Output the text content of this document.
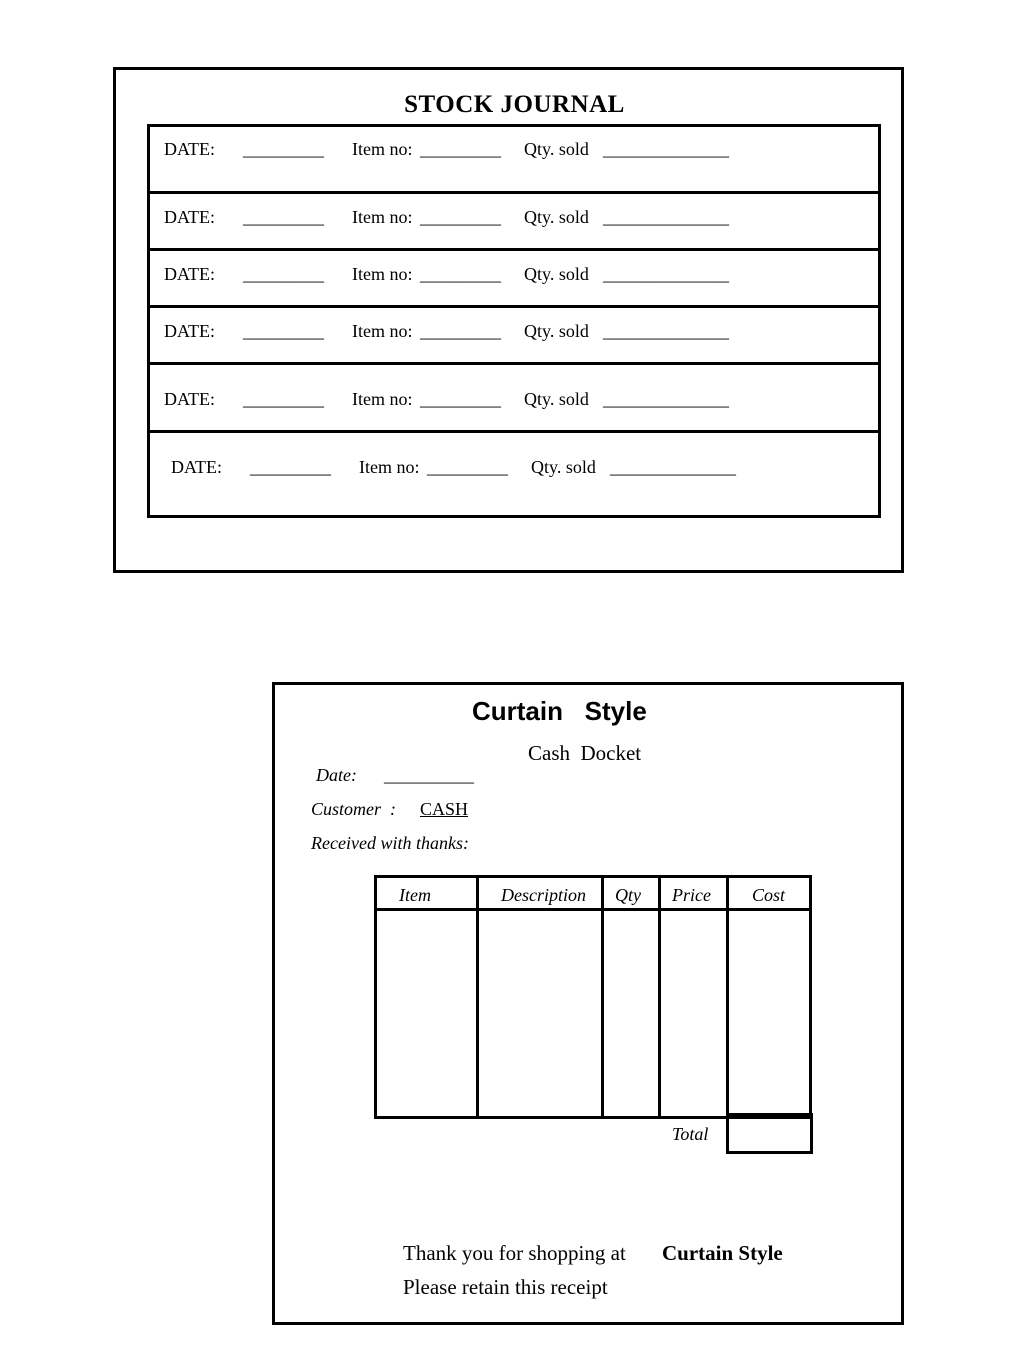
STOCK JOURNAL
DATE: _________ Item no: _________ Qty. sold ______________
DATE: _________ Item no: _________ Qty. sold ______________
DATE: _________ Item no: _________ Qty. sold ______________
DATE: _________ Item no: _________ Qty. sold ______________
DATE: _________ Item no: _________ Qty. sold ______________
DATE: _________ Item no: _________ Qty. sold ______________
Curtain   Style
Cash  Docket
Date: __________
Customer  : CASH
Received with thanks:
Item	Description Qty Price Cost
Total
Thank you for shopping at Curtain Style
Please retain this receipt
